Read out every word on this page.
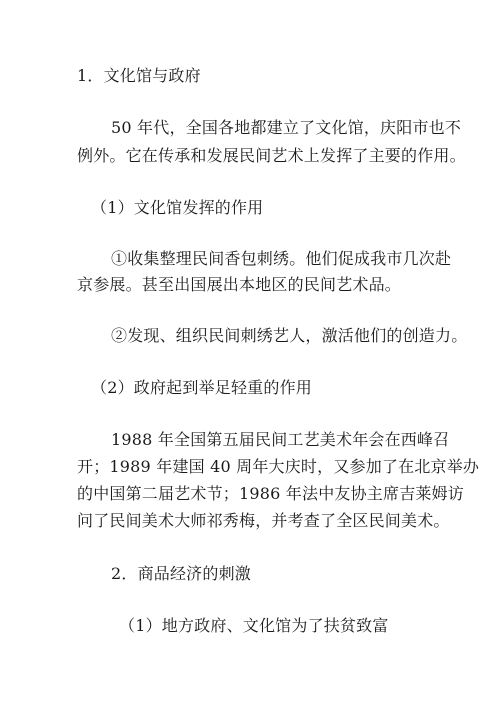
1．文化馆与政府
50 年代，全国各地都建立了文化馆，庆阳市也不
例外。它在传承和发展民间艺术上发挥了主要的作用。
（1）文化馆发挥的作用
①收集整理民间香包刺绣。他们促成我市几次赴
京参展。甚至出国展出本地区的民间艺术品。
②发现、组织民间刺绣艺人，激活他们的创造力。
（2）政府起到举足轻重的作用
1988 年全国第五届民间工艺美术年会在西峰召
开；1989 年建国 40 周年大庆时，又参加了在北京举办
的中国第二届艺术节；1986 年法中友协主席吉莱姆访
问了民间美术大师祁秀梅，并考查了全区民间美术。
2．商品经济的刺激
（1）地方政府、文化馆为了扶贫致富
